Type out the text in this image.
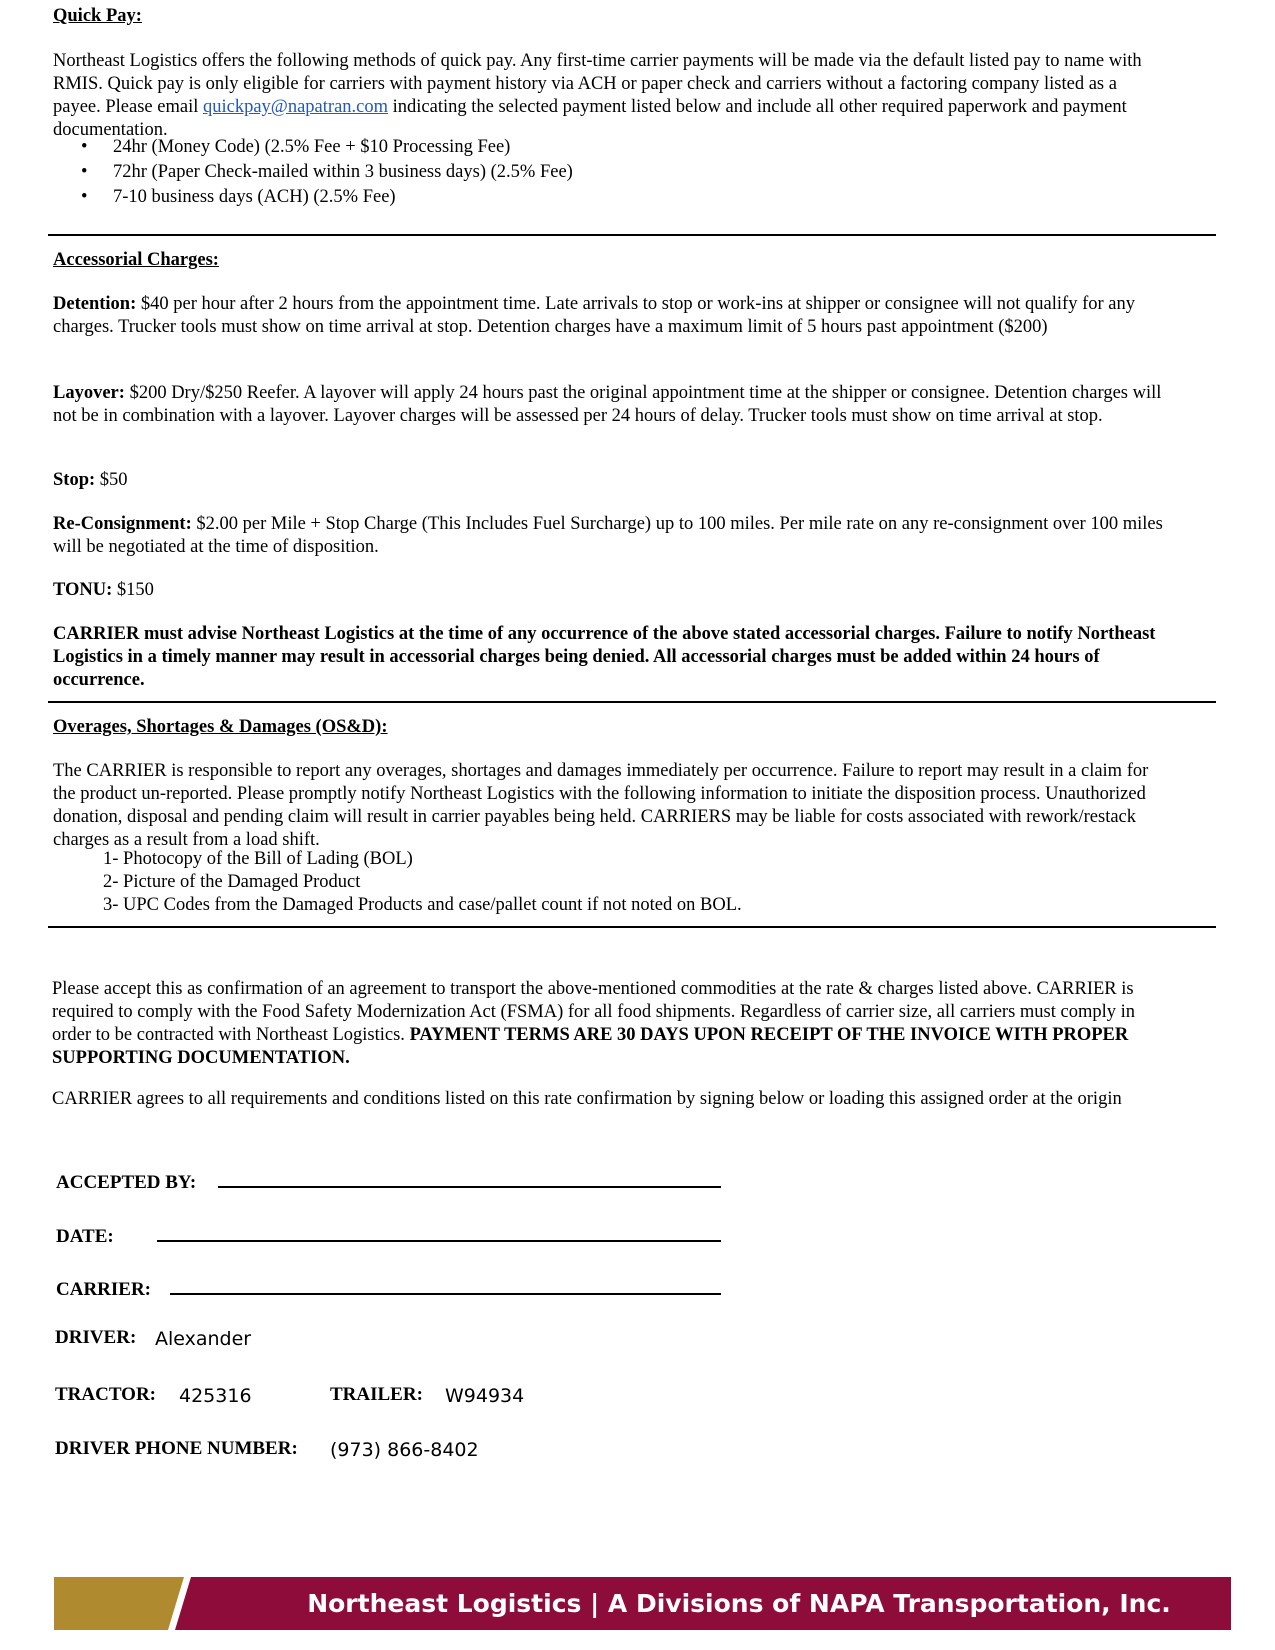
Quick Pay:
Northeast Logistics offers the following methods of quick pay. Any first-time carrier payments will be made via the default listed pay to name with RMIS. Quick pay is only eligible for carriers with payment history via ACH or paper check and carriers without a factoring company listed as a payee. Please email quickpay@napatran.com indicating the selected payment listed below and include all other required paperwork and payment documentation.
• 24hr (Money Code) (2.5% Fee + $10 Processing Fee)
• 72hr (Paper Check-mailed within 3 business days) (2.5% Fee)
• 7-10 business days (ACH) (2.5% Fee)
Accessorial Charges:
Detention: $40 per hour after 2 hours from the appointment time. Late arrivals to stop or work-ins at shipper or consignee will not qualify for any charges. Trucker tools must show on time arrival at stop. Detention charges have a maximum limit of 5 hours past appointment ($200)
Layover: $200 Dry/$250 Reefer. A layover will apply 24 hours past the original appointment time at the shipper or consignee. Detention charges will not be in combination with a layover. Layover charges will be assessed per 24 hours of delay. Trucker tools must show on time arrival at stop.
Stop: $50
Re-Consignment: $2.00 per Mile + Stop Charge (This Includes Fuel Surcharge) up to 100 miles. Per mile rate on any re-consignment over 100 miles will be negotiated at the time of disposition.
TONU: $150
CARRIER must advise Northeast Logistics at the time of any occurrence of the above stated accessorial charges. Failure to notify Northeast Logistics in a timely manner may result in accessorial charges being denied. All accessorial charges must be added within 24 hours of occurrence.
Overages, Shortages & Damages (OS&D):
The CARRIER is responsible to report any overages, shortages and damages immediately per occurrence. Failure to report may result in a claim for the product un-reported. Please promptly notify Northeast Logistics with the following information to initiate the disposition process. Unauthorized donation, disposal and pending claim will result in carrier payables being held. CARRIERS may be liable for costs associated with rework/restack charges as a result from a load shift.
1- Photocopy of the Bill of Lading (BOL)
2- Picture of the Damaged Product
3- UPC Codes from the Damaged Products and case/pallet count if not noted on BOL.
Please accept this as confirmation of an agreement to transport the above-mentioned commodities at the rate & charges listed above. CARRIER is required to comply with the Food Safety Modernization Act (FSMA) for all food shipments. Regardless of carrier size, all carriers must comply in order to be contracted with Northeast Logistics. PAYMENT TERMS ARE 30 DAYS UPON RECEIPT OF THE INVOICE WITH PROPER SUPPORTING DOCUMENTATION.
CARRIER agrees to all requirements and conditions listed on this rate confirmation by signing below or loading this assigned order at the origin
ACCEPTED BY:
DATE:
CARRIER:
DRIVER: Alexander
TRACTOR: 425316	TRAILER: W94934
DRIVER PHONE NUMBER: (973) 866-8402
Northeast Logistics | A Divisions of NAPA Transportation, Inc.
